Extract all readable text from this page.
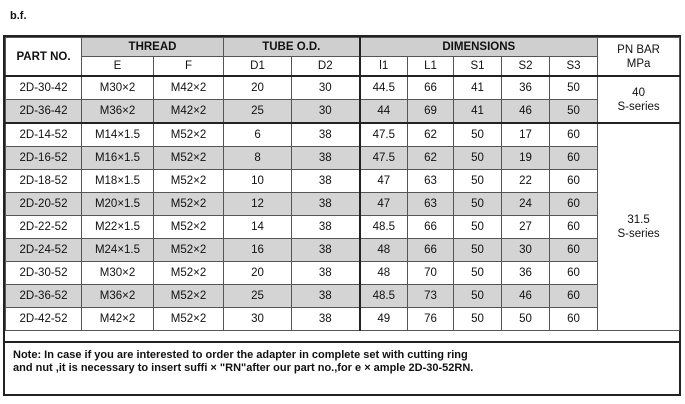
b.f.
PART NO.	THREAD		TUBE O.D.		DIMENSIONS					PN BAR
MPa
	E	F	D1	D2	l1	L1	S1	S2	S3	
2D-30-42	M30×2	M42×2	20	30	44.5	66	41	36	50	40
S-series
2D-36-42	M36×2	M42×2	25	30	44	69	41	46	50	
2D-14-52	M14×1.5	M52×2	6	38	47.5	62	50	17	60	31.5
S-series
2D-16-52	M16×1.5	M52×2	8	38	47.5	62	50	19	60	
2D-18-52	M18×1.5	M52×2	10	38	47	63	50	22	60	
2D-20-52	M20×1.5	M52×2	12	38	47	63	50	24	60	
2D-22-52	M22×1.5	M52×2	14	38	48.5	66	50	27	60	
2D-24-52	M24×1.5	M52×2	16	38	48	66	50	30	60	
2D-30-52	M30×2	M52×2	20	38	48	70	50	36	60	
2D-36-52	M36×2	M52×2	25	38	48.5	73	50	46	60	
2D-42-52	M42×2	M52×2	30	38	49	76	50	50	60	
Note: In case if you are interested to order the adapter in complete set with cutting ring
and nut ,it is necessary to insert suffi × "RN"after our part no.,for e × ample 2D-30-52RN.
